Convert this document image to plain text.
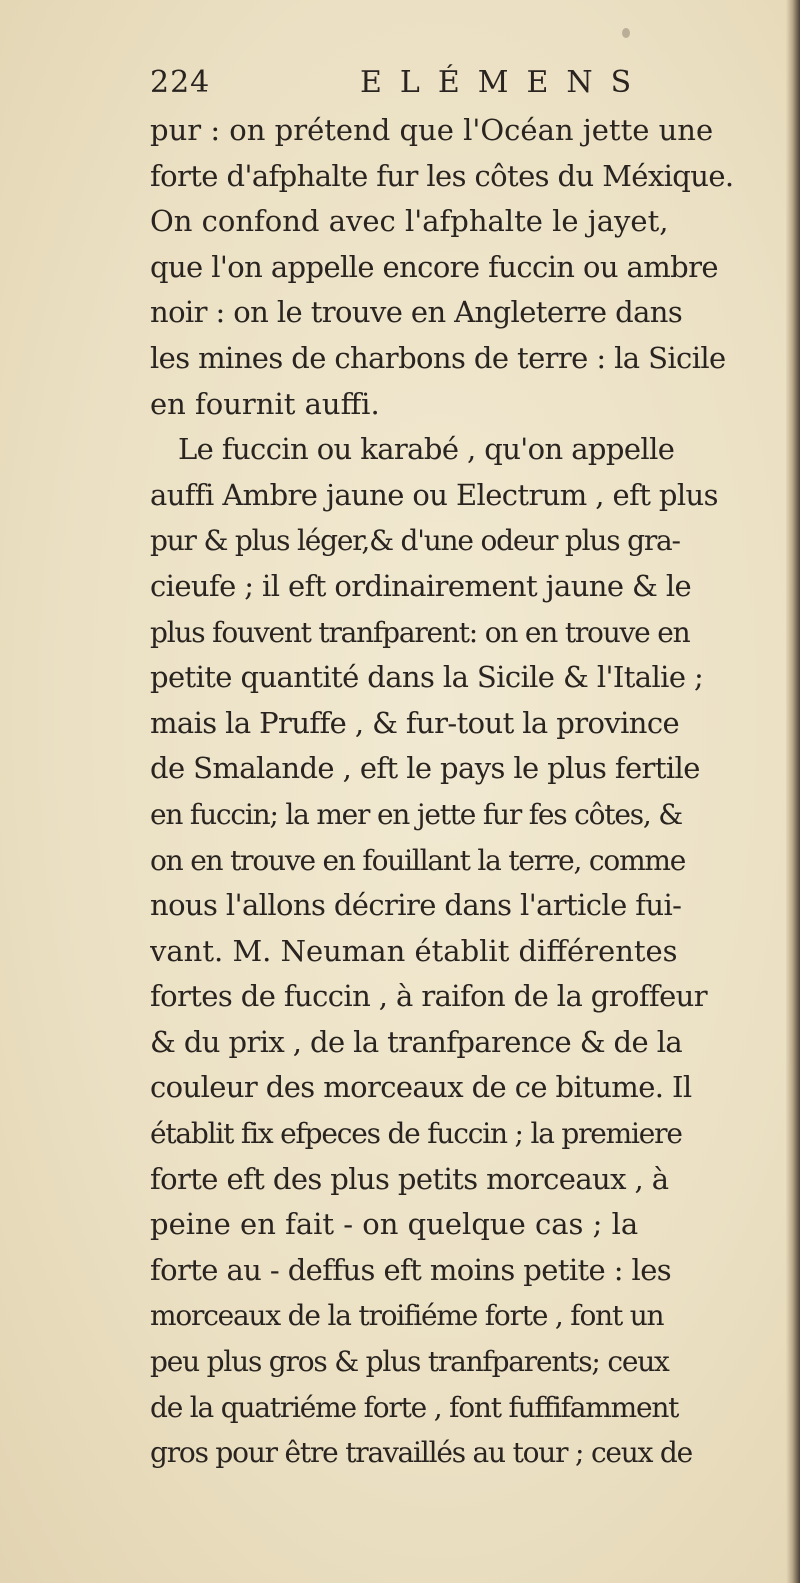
224	ELÉMENS
pur : on prétend que l'Océan jette une
forte d'afphalte fur les côtes du Méxique.
On confond avec l'afphalte le jayet,
que l'on appelle encore fuccin ou ambre
noir : on le trouve en Angleterre dans
les mines de charbons de terre : la Sicile
en fournit auffi.
Le fuccin ou karabé , qu'on appelle
auffi Ambre jaune ou Electrum , eft plus
pur & plus léger,& d'une odeur plus gra-
cieufe ; il eft ordinairement jaune & le
plus fouvent tranfparent: on en trouve en
petite quantité dans la Sicile & l'Italie ;
mais la Pruffe , & fur-tout la province
de Smalande , eft le pays le plus fertile
en fuccin; la mer en jette fur fes côtes, &
on en trouve en fouillant la terre, comme
nous l'allons décrire dans l'article fui-
vant. M. Neuman établit différentes
fortes de fuccin , à raifon de la groffeur
& du prix , de la tranfparence & de la
couleur des morceaux de ce bitume. Il
établit fix efpeces de fuccin ; la premiere
forte eft des plus petits morceaux , à
peine en fait - on quelque cas ; la
forte au - deffus eft moins petite : les
morceaux de la troifiéme forte , font un
peu plus gros & plus tranfparents; ceux
de la quatriéme forte , font fuffifamment
gros pour être travaillés au tour ; ceux de
